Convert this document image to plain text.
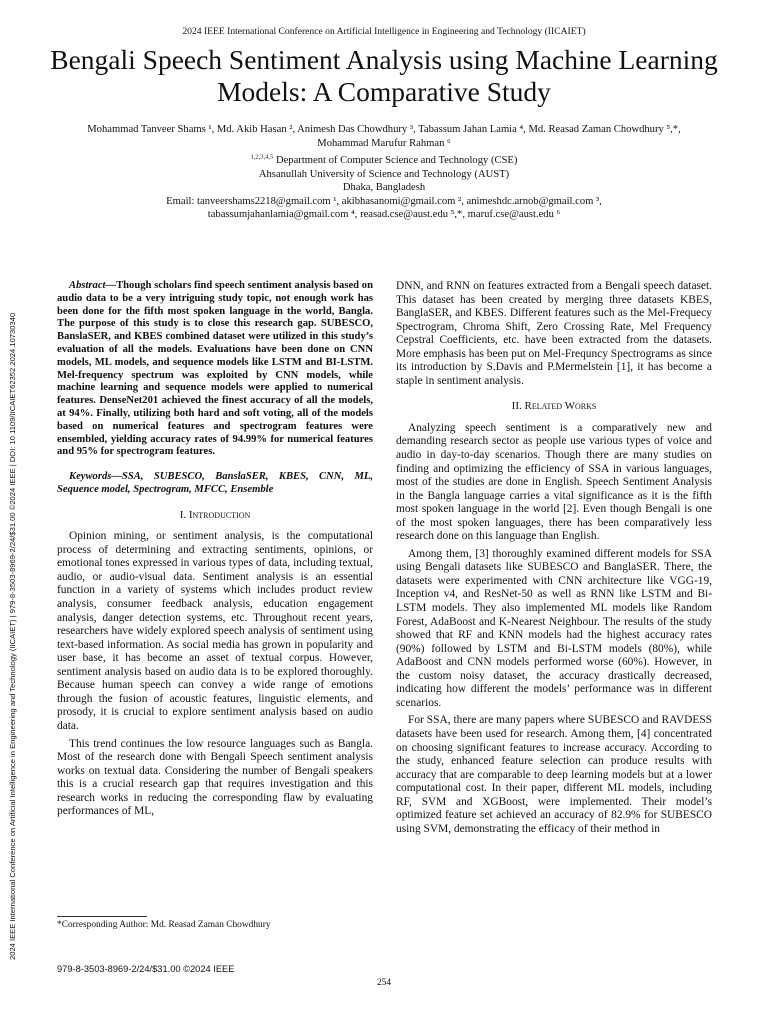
2024 IEEE International Conference on Artificial Intelligence in Engineering and Technology (IICAIET)
Bengali Speech Sentiment Analysis using Machine Learning Models: A Comparative Study
Mohammad Tanveer Shams ¹, Md. Akib Hasan ², Animesh Das Chowdhury ³, Tabassum Jahan Lamia ⁴, Md. Reasad Zaman Chowdhury ⁵,*,
Mohammad Marufur Rahman ⁶
$^{1,2,3,4,5}$ Department of Computer Science and Technology (CSE)
Ahsanullah University of Science and Technology (AUST)
Dhaka, Bangladesh
Email: tanveershams2218@gmail.com ¹, akibhasanomi@gmail.com ², animeshdc.arnob@gmail.com ³,
tabassumjahanlamia@gmail.com ⁴, reasad.cse@aust.edu ⁵,*, maruf.cse@aust.edu ⁶
2024 IEEE International Conference on Artificial Intelligence in Engineering and Technology (IICAIET) | 979-8-3503-8969-2/24/$31.00 ©2024 IEEE | DOI: 10.1109/IICAIET62352.2024.10730340
Abstract—Though scholars find speech sentiment analysis based on audio data to be a very intriguing study topic, not enough work has been done for the fifth most spoken language in the world, Bangla. The purpose of this study is to close this research gap. SUBESCO, BanslaSER, and KBES combined dataset were utilized in this study’s evaluation of all the models. Evaluations have been done on CNN models, ML models, and sequence models like LSTM and BI-LSTM. Mel-frequency spectrum was exploited by CNN models, while machine learning and sequence models were applied to numerical features. DenseNet201 achieved the finest accuracy of all the models, at 94%. Finally, utilizing both hard and soft voting, all of the models based on numerical features and spectrogram features were ensembled, yielding accuracy rates of 94.99% for numerical features and 95% for spectrogram features.
Keywords—SSA, SUBESCO, BanslaSER, KBES, CNN, ML, Sequence model, Spectrogram, MFCC, Ensemble
I. Introduction

Opinion mining, or sentiment analysis, is the computational process of determining and extracting sentiments, opinions, or emotional tones expressed in various types of data, including textual, audio, or audio-visual data. Sentiment analysis is an essential function in a variety of systems which includes product review analysis, consumer feedback analysis, education engagement analysis, danger detection systems, etc. Throughout recent years, researchers have widely explored speech analysis of sentiment using text-based information. As social media has grown in popularity and user base, it has become an asset of textual corpus. However, sentiment analysis based on audio data is to be explored thoroughly. Because human speech can convey a wide range of emotions through the fusion of acoustic features, linguistic elements, and prosody, it is crucial to explore sentiment analysis based on audio data.

This trend continues the low resource languages such as Bangla. Most of the research done with Bengali Speech sentiment analysis works on textual data. Considering the number of Bengali speakers this is a crucial research gap that requires investigation and this research works in reducing the corresponding flaw by evaluating performances of ML,

DNN, and RNN on features extracted from a Bengali speech dataset. This dataset has been created by merging three datasets KBES, BanglaSER, and KBES. Different features such as the Mel-Frequecy Spectrogram, Chroma Shift, Zero Crossing Rate, Mel Frequency Cepstral Coefficients, etc. have been extracted from the datasets. More emphasis has been put on Mel-Frequncy Spectrograms as since its introduction by S.Davis and P.Mermelstein [1], it has become a staple in sentiment analysis.

II. Related Works

Analyzing speech sentiment is a comparatively new and demanding research sector as people use various types of voice and audio in day-to-day scenarios. Though there are many studies on finding and optimizing the efficiency of SSA in various languages, most of the studies are done in English. Speech Sentiment Analysis in the Bangla language carries a vital significance as it is the fifth most spoken language in the world [2]. Even though Bengali is one of the most spoken languages, there has been comparatively less research done on this language than English.

Among them, [3] thoroughly examined different models for SSA using Bengali datasets like SUBESCO and BanglaSER. There, the datasets were experimented with CNN architecture like VGG-19, Inception v4, and ResNet-50 as well as RNN like LSTM and Bi-LSTM models. They also implemented ML models like Random Forest, AdaBoost and K-Nearest Neighbour. The results of the study showed that RF and KNN models had the highest accuracy rates (90%) followed by LSTM and Bi-LSTM models (80%), while AdaBoost and CNN models performed worse (60%). However, in the custom noisy dataset, the accuracy drastically decreased, indicating how different the models’ performance was in different scenarios.

For SSA, there are many papers where SUBESCO and RAVDESS datasets have been used for research. Among them, [4] concentrated on choosing significant features to increase accuracy. According to the study, enhanced feature selection can produce results with accuracy that are comparable to deep learning models but at a lower computational cost. In their paper, different ML models, including RF, SVM and XGBoost, were implemented. Their model’s optimized feature set achieved an accuracy of 82.9% for SUBESCO using SVM, demonstrating the efficacy of their method in

*Corresponding Author: Md. Reasad Zaman Chowdhury
979-8-3503-8969-2/24/$31.00 ©2024 IEEE
254
